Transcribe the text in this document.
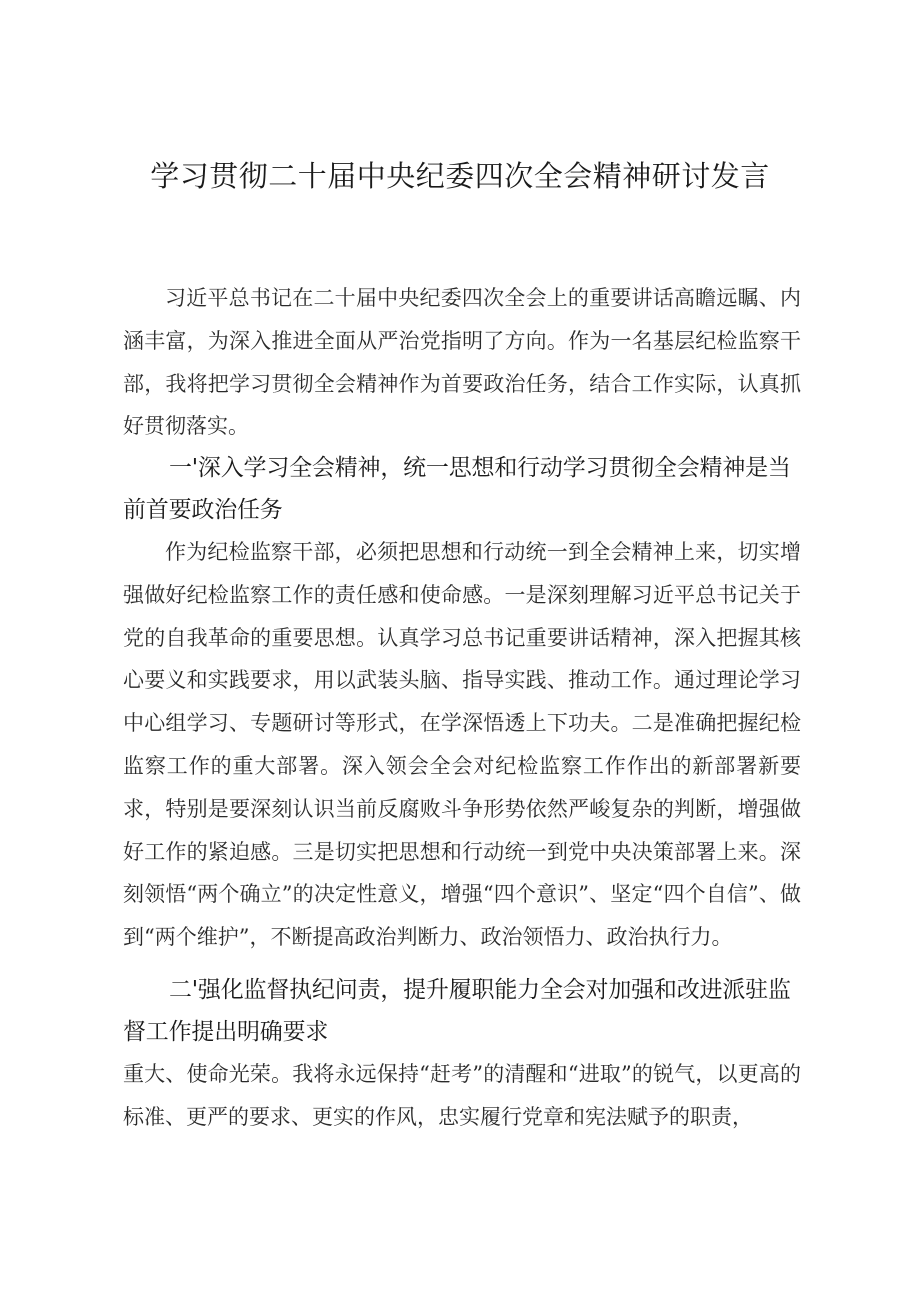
学习贯彻二十届中央纪委四次全会精神研讨发言

习近平总书记在二十届中央纪委四次全会上的重要讲话高瞻远瞩、内涵丰富，为深入推进全面从严治党指明了方向。作为一名基层纪检监察干部，我将把学习贯彻全会精神作为首要政治任务，结合工作实际，认真抓好贯彻落实。

一'深入学习全会精神，统一思想和行动学习贯彻全会精神是当前首要政治任务

作为纪检监察干部，必须把思想和行动统一到全会精神上来，切实增强做好纪检监察工作的责任感和使命感。一是深刻理解习近平总书记关于党的自我革命的重要思想。认真学习总书记重要讲话精神，深入把握其核心要义和实践要求，用以武装头脑、指导实践、推动工作。通过理论学习中心组学习、专题研讨等形式，在学深悟透上下功夫。二是准确把握纪检监察工作的重大部署。深入领会全会对纪检监察工作作出的新部署新要求，特别是要深刻认识当前反腐败斗争形势依然严峻复杂的判断，增强做好工作的紧迫感。三是切实把思想和行动统一到党中央决策部署上来。深刻领悟“两个确立”的决定性意义，增强“四个意识”、坚定“四个自信”、做到“两个维护”，不断提高政治判断力、政治领悟力、政治执行力。

二'强化监督执纪问责，提升履职能力全会对加强和改进派驻监督工作提出明确要求

重大、使命光荣。我将永远保持“赶考”的清醒和“进取”的锐气，以更高的标准、更严的要求、更实的作风，忠实履行党章和宪法赋予的职责，
